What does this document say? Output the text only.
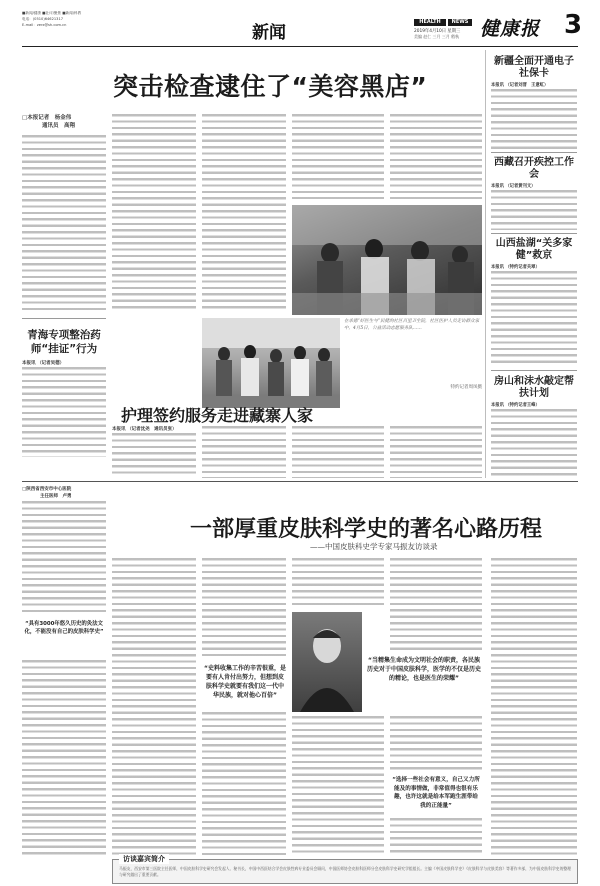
■新闻/健康 ■社评/聚焦 ■新闻/科教
电话：(0510)64621317
E-mail：zerx@sh.com.cn	新闻
HEALTH	NEWS
2019年4月10日 星期三
美编 赵仁 三月 三月 稻秋 健康报 3
突击检查逮住了“美容黑店”
□本报记者　杨金伟
通讯员　高翔
青海专项整治药师“挂证”行为
本报讯 （记者吴德）
在承德“好医生与”民健的社区百里卫生院，社区医护人员走访群众家中，4月5日，公益活动志愿服务队……
特约记者周凤摄
护理签约服务走进藏寨人家
本报讯 （记者沈尧　通讯员张）
新疆全面开通电子社保卡
本报讯 （记者刘晋　王意虹）
西藏召开疾控工作会
本报讯 （记者黄刊文）
山西盐湖“关多家健”救京
本报讯 （特约记者关翠）
房山和沫水敲定帮扶计划
本报讯 （特约记者王峰）
□陕西省西安市中心医院
主任医师　卢勇
一部厚重皮肤科学史的著名心路历程
——中国皮肤科史学专家马振友访谈录
“具有3000年悠久历史的灸法文化，不能没有自己的皮肤科学史”
“史料收集工作的辛苦很重，是要有人肯付出努力，但想到皮肤科学史就要有我们这一代中华民族，就对他心百倍”
“当精集生命成为文明社会的职责，各民族历史对于中国皮肤科学，医学的不仅是历史的精论，也是医生的荣耀”
“选择一些社会有意义，自己又力所能及的事情做，非常值得也很有乐趣，也许这就是给本军跑生涯带给我的正能量”
访谈嘉宾简介
马振友，西安市第三医院主任医师，中国皮肤科学史研究会发起人、秘书长，中国中西医结合学会皮肤性病专业委员会顾问，中国医师协会皮肤科医师分会皮肤科学史研究学组组长。主编《中国皮肤科学史》《皮肤科学与皮肤美容》等著作多部，为中国皮肤科学史的整理与研究做出了重要贡献。
